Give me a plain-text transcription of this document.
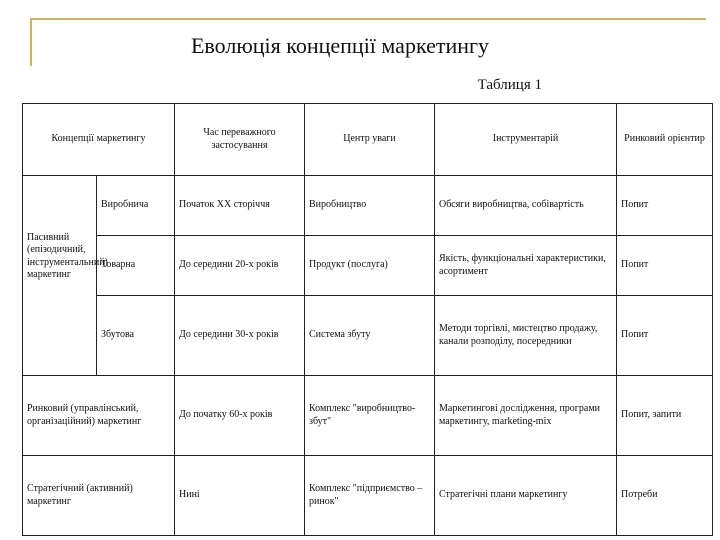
Еволюція концепції маркетингу
Таблиця 1
Концепції маркетингу		Час переважного застосування	Центр уваги	Інструментарій	Ринковий орієнтир
Пасивний (епізодичний, інструментальний) маркетинг	Виробнича	Початок XX сторіччя	Виробництво	Обсяги виробництва, собівартість	Попит
	Товарна	До середини 20-х років	Продукт (послуга)	Якість, функціональні характеристики, асортимент	Попит
	Збутова	До середини 30-х років	Система збуту	Методи торгівлі, мистецтво продажу, канали розподілу, посередники	Попит
Ринковий (управлінський, організаційний) маркетинг		До початку 60-х років	Комплекс "виробництво-збут"	Маркетингові дослідження, програми маркетингу, marketing-mix	Попит, запити
Стратегічний (активний) маркетинг		Нині	Комплекс "підприємство –ринок"	Стратегічні плани маркетингу	Потреби
